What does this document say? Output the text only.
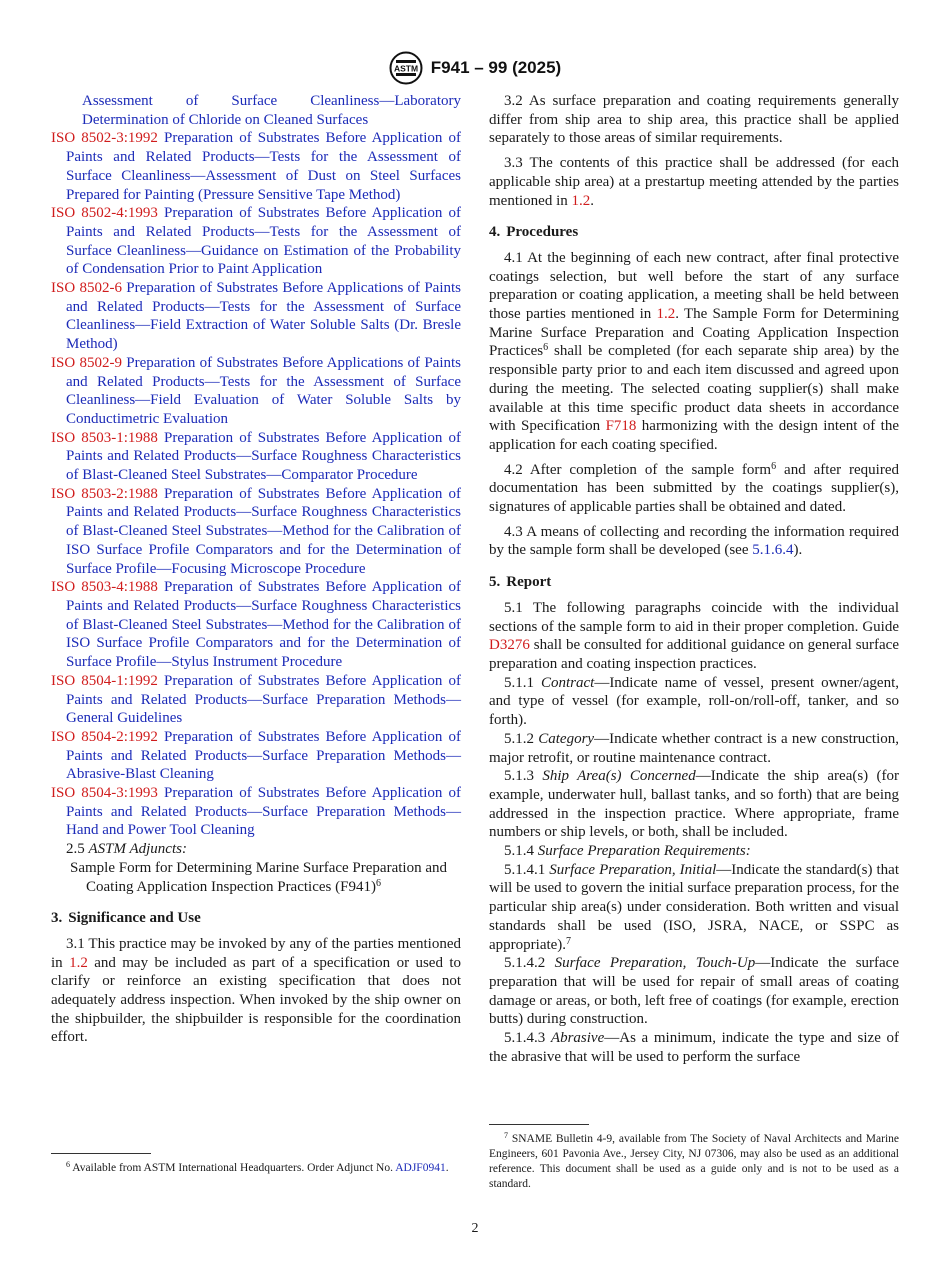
ASTM F941 – 99 (2025)

Assessment of Surface Cleanliness—Laboratory Determination of Chloride on Cleaned Surfaces

ISO 8502-3:1992 Preparation of Substrates Before Application of Paints and Related Products—Tests for the Assessment of Surface Cleanliness—Assessment of Dust on Steel Surfaces Prepared for Painting (Pressure Sensitive Tape Method)

ISO 8502-4:1993 Preparation of Substrates Before Application of Paints and Related Products—Tests for the Assessment of Surface Cleanliness—Guidance on Estimation of the Probability of Condensation Prior to Paint Application

ISO 8502-6 Preparation of Substrates Before Applications of Paints and Related Products—Tests for the Assessment of Surface Cleanliness—Field Extraction of Water Soluble Salts (Dr. Bresle Method)

ISO 8502-9 Preparation of Substrates Before Applications of Paints and Related Products—Tests for the Assessment of Surface Cleanliness—Field Evaluation of Water Soluble Salts by Conductimetric Evaluation

ISO 8503-1:1988 Preparation of Substrates Before Application of Paints and Related Products—Surface Roughness Characteristics of Blast-Cleaned Steel Substrates—Comparator Procedure

ISO 8503-2:1988 Preparation of Substrates Before Application of Paints and Related Products—Surface Roughness Characteristics of Blast-Cleaned Steel Substrates—Method for the Calibration of ISO Surface Profile Comparators and for the Determination of Surface Profile—Focusing Microscope Procedure

ISO 8503-4:1988 Preparation of Substrates Before Application of Paints and Related Products—Surface Roughness Characteristics of Blast-Cleaned Steel Substrates—Method for the Calibration of ISO Surface Profile Comparators and for the Determination of Surface Profile—Stylus Instrument Procedure

ISO 8504-1:1992 Preparation of Substrates Before Application of Paints and Related Products—Surface Preparation Methods—General Guidelines

ISO 8504-2:1992 Preparation of Substrates Before Application of Paints and Related Products—Surface Preparation Methods—Abrasive-Blast Cleaning

ISO 8504-3:1993 Preparation of Substrates Before Application of Paints and Related Products—Surface Preparation Methods—Hand and Power Tool Cleaning

2.5 ASTM Adjuncts:

Sample Form for Determining Marine Surface Preparation and Coating Application Inspection Practices $(F941)^6$

3. Significance and Use

3.1 This practice may be invoked by any of the parties mentioned in 1.2 and may be included as part of a specification or used to clarify or reinforce an existing specification that does not adequately address inspection. When invoked by the ship owner on the shipbuilder, the shipbuilder is responsible for the coordination effort.

$^6$ Available from ASTM International Headquarters. Order Adjunct No. ADJF0941.

3.2 As surface preparation and coating requirements generally differ from ship area to ship area, this practice shall be applied separately to those areas of similar requirements.

3.3 The contents of this practice shall be addressed (for each applicable ship area) at a prestartup meeting attended by the parties mentioned in 1.2.

4. Procedures

4.1 At the beginning of each new contract, after final protective coatings selection, but well before the start of any surface preparation or coating application, a meeting shall be held between those parties mentioned in 1.2. The Sample Form for Determining Marine Surface Preparation and Coating Application Inspection Practices$^6$ shall be completed (for each separate ship area) by the responsible party prior to and each item discussed and agreed upon during the meeting. The selected coating supplier(s) shall make available at this time specific product data sheets in accordance with Specification F718 harmonizing with the design intent of the application for each coating specified.

4.2 After completion of the sample form$^6$ and after required documentation has been submitted by the coatings supplier(s), signatures of applicable parties shall be obtained and dated.

4.3 A means of collecting and recording the information required by the sample form shall be developed (see 5.1.6.4).

5. Report

5.1 The following paragraphs coincide with the individual sections of the sample form to aid in their proper completion. Guide D3276 shall be consulted for additional guidance on general surface preparation and coating inspection practices.

5.1.1 Contract—Indicate name of vessel, present owner/agent, and type of vessel (for example, roll-on/roll-off, tanker, and so forth).

5.1.2 Category—Indicate whether contract is a new construction, major retrofit, or routine maintenance contract.

5.1.3 Ship Area(s) Concerned—Indicate the ship area(s) (for example, underwater hull, ballast tanks, and so forth) that are being addressed in the inspection practice. Where appropriate, frame numbers or ship levels, or both, shall be included.

5.1.4 Surface Preparation Requirements:

5.1.4.1 Surface Preparation, Initial—Indicate the standard(s) that will be used to govern the initial surface preparation process, for the particular ship area(s) under consideration. Both written and visual standards shall be used (ISO, JSRA, NACE, or SSPC as appropriate).$^7$

5.1.4.2 Surface Preparation, Touch-Up—Indicate the surface preparation that will be used for repair of small areas of coating damage or areas, or both, left free of coatings (for example, erection butts) during construction.

5.1.4.3 Abrasive—As a minimum, indicate the type and size of the abrasive that will be used to perform the surface

$^7$ SNAME Bulletin 4-9, available from The Society of Naval Architects and Marine Engineers, 601 Pavonia Ave., Jersey City, NJ 07306, may also be used as an additional reference. This document shall be used as a guide only and is not to be used as a standard.
2
